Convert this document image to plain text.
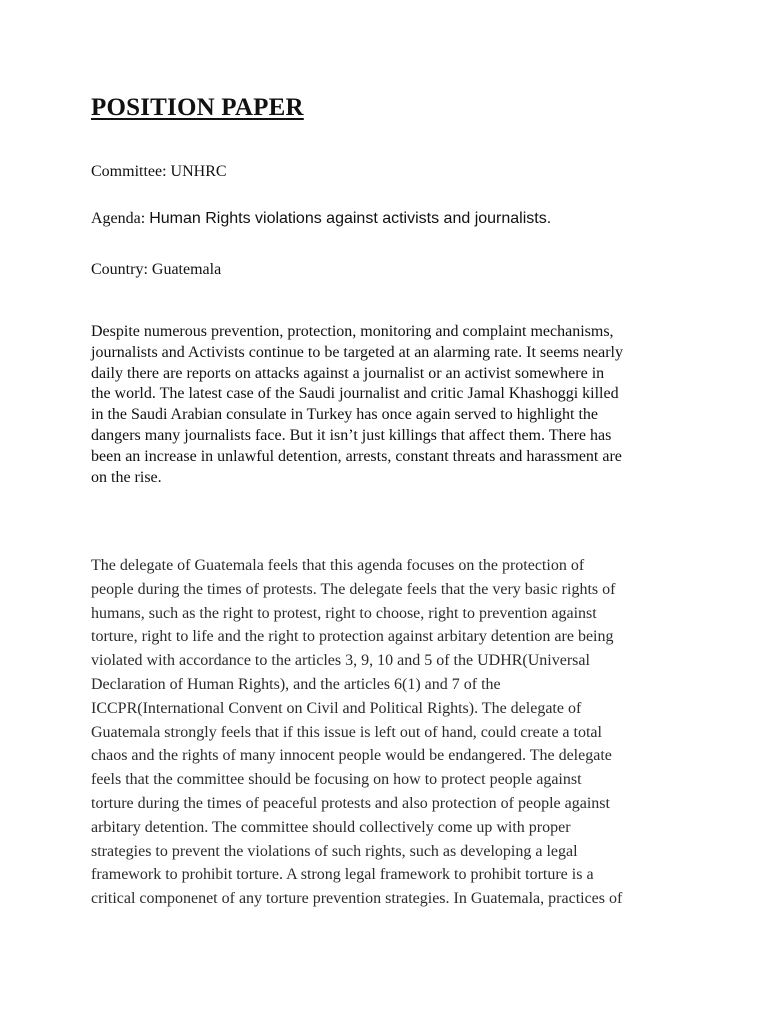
POSITION PAPER

Committee: UNHRC

Agenda: Human Rights violations against activists and journalists.

Country: Guatemala

Despite numerous prevention, protection, monitoring and complaint mechanisms,
journalists and Activists continue to be targeted at an alarming rate. It seems nearly
daily there are reports on attacks against a journalist or an activist somewhere in
the world. The latest case of the Saudi journalist and critic Jamal Khashoggi killed
in the Saudi Arabian consulate in Turkey has once again served to highlight the
dangers many journalists face. But it isn’t just killings that affect them. There has
been an increase in unlawful detention, arrests, constant threats and harassment are
on the rise.
The delegate of Guatemala feels that this agenda focuses on the protection of
people during the times of protests. The delegate feels that the very basic rights of
humans, such as the right to protest, right to choose, right to prevention against
torture, right to life and the right to protection against arbitary detention are being
violated with accordance to the articles 3, 9, 10 and 5 of the UDHR(Universal
Declaration of Human Rights), and the articles 6(1) and 7 of the
ICCPR(International Convent on Civil and Political Rights). The delegate of
Guatemala strongly feels that if this issue is left out of hand, could create a total
chaos and the rights of many innocent people would be endangered. The delegate
feels that the committee should be focusing on how to protect people against
torture during the times of peaceful protests and also protection of people against
arbitary detention. The committee should collectively come up with proper
strategies to prevent the violations of such rights, such as developing a legal
framework to prohibit torture. A strong legal framework to prohibit torture is a
critical componenet of any torture prevention strategies. In Guatemala, practices of
